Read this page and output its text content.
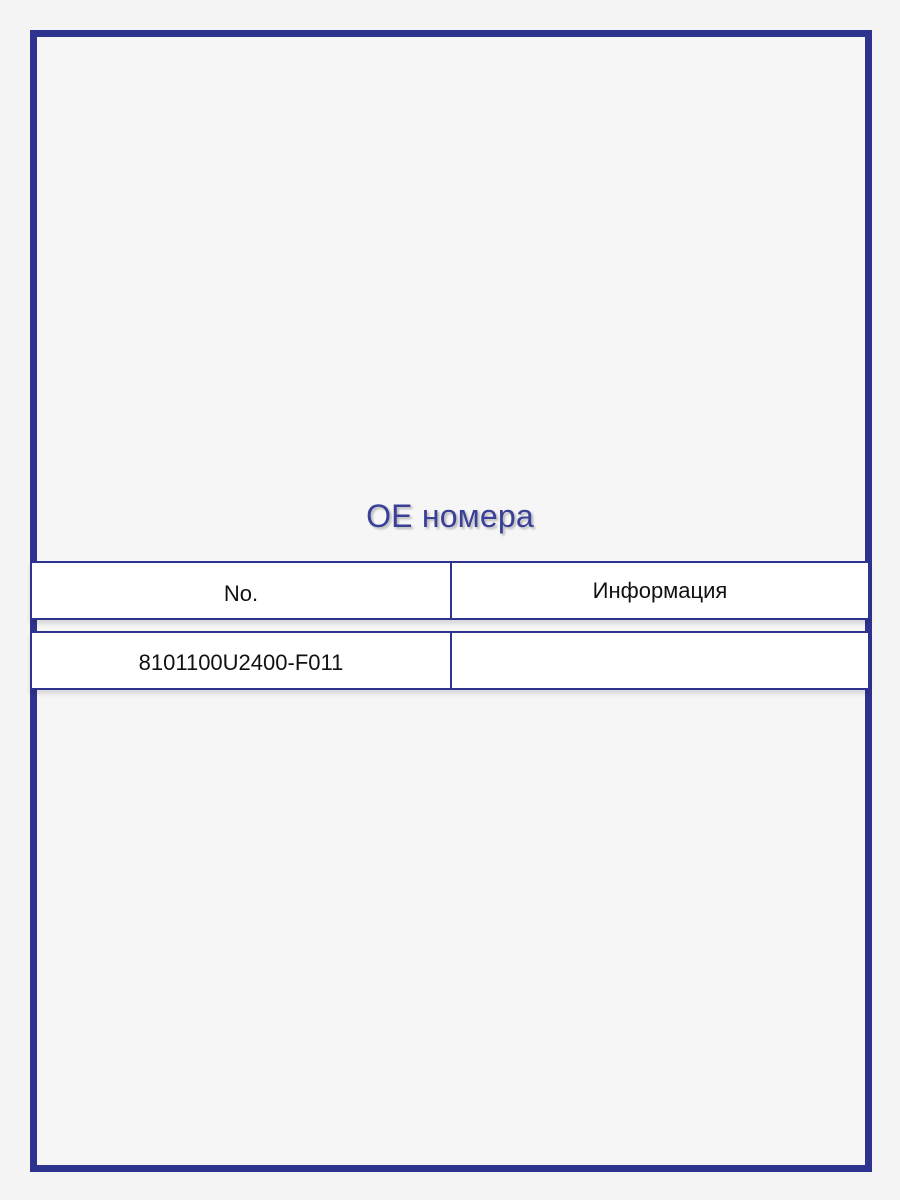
OE номера
No.	Информация
8101100U2400-F011
